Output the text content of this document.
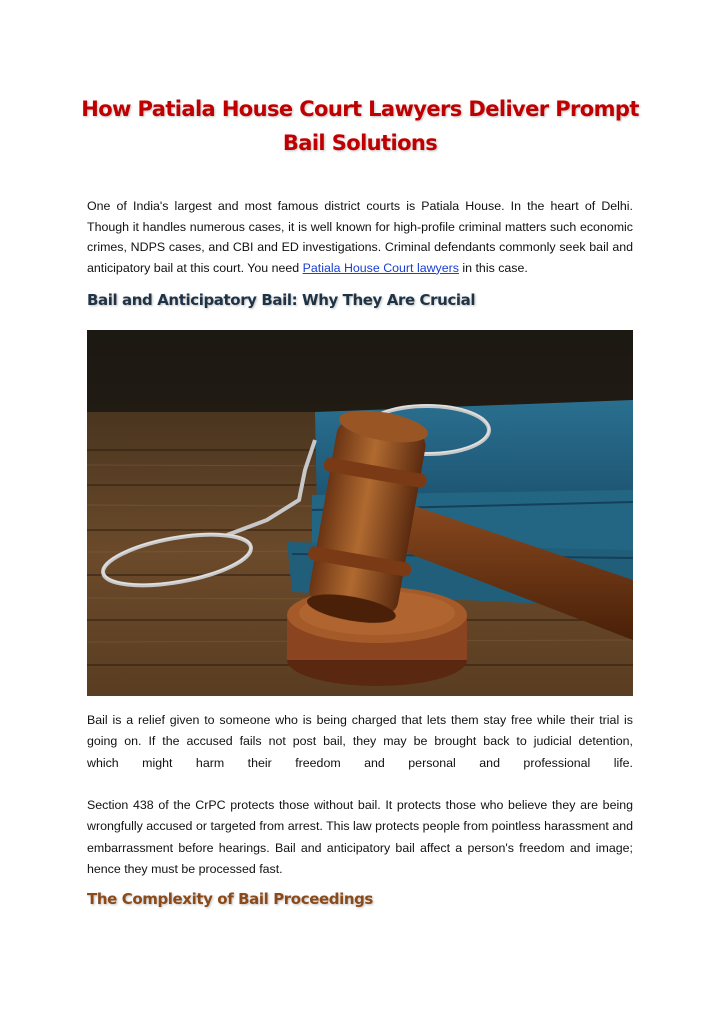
How Patiala House Court Lawyers Deliver Prompt
Bail Solutions

One of India's largest and most famous district courts is Patiala House. In the heart of Delhi. Though it handles numerous cases, it is well known for high-profile criminal matters such economic crimes, NDPS cases, and CBI and ED investigations. Criminal defendants commonly seek bail and anticipatory bail at this court. You need Patiala House Court lawyers in this case.

Bail and Anticipatory Bail: Why They Are Crucial

Bail is a relief given to someone who is being charged that lets them stay free while their trial is going on. If the accused fails not post bail, they may be brought back to judicial detention,
which might harm their freedom and personal and professional life.

Section 438 of the CrPC protects those without bail. It protects those who believe they are being wrongfully accused or targeted from arrest. This law protects people from pointless harassment and embarrassment before hearings. Bail and anticipatory bail affect a person's freedom and image; hence they must be processed fast.

The Complexity of Bail Proceedings
